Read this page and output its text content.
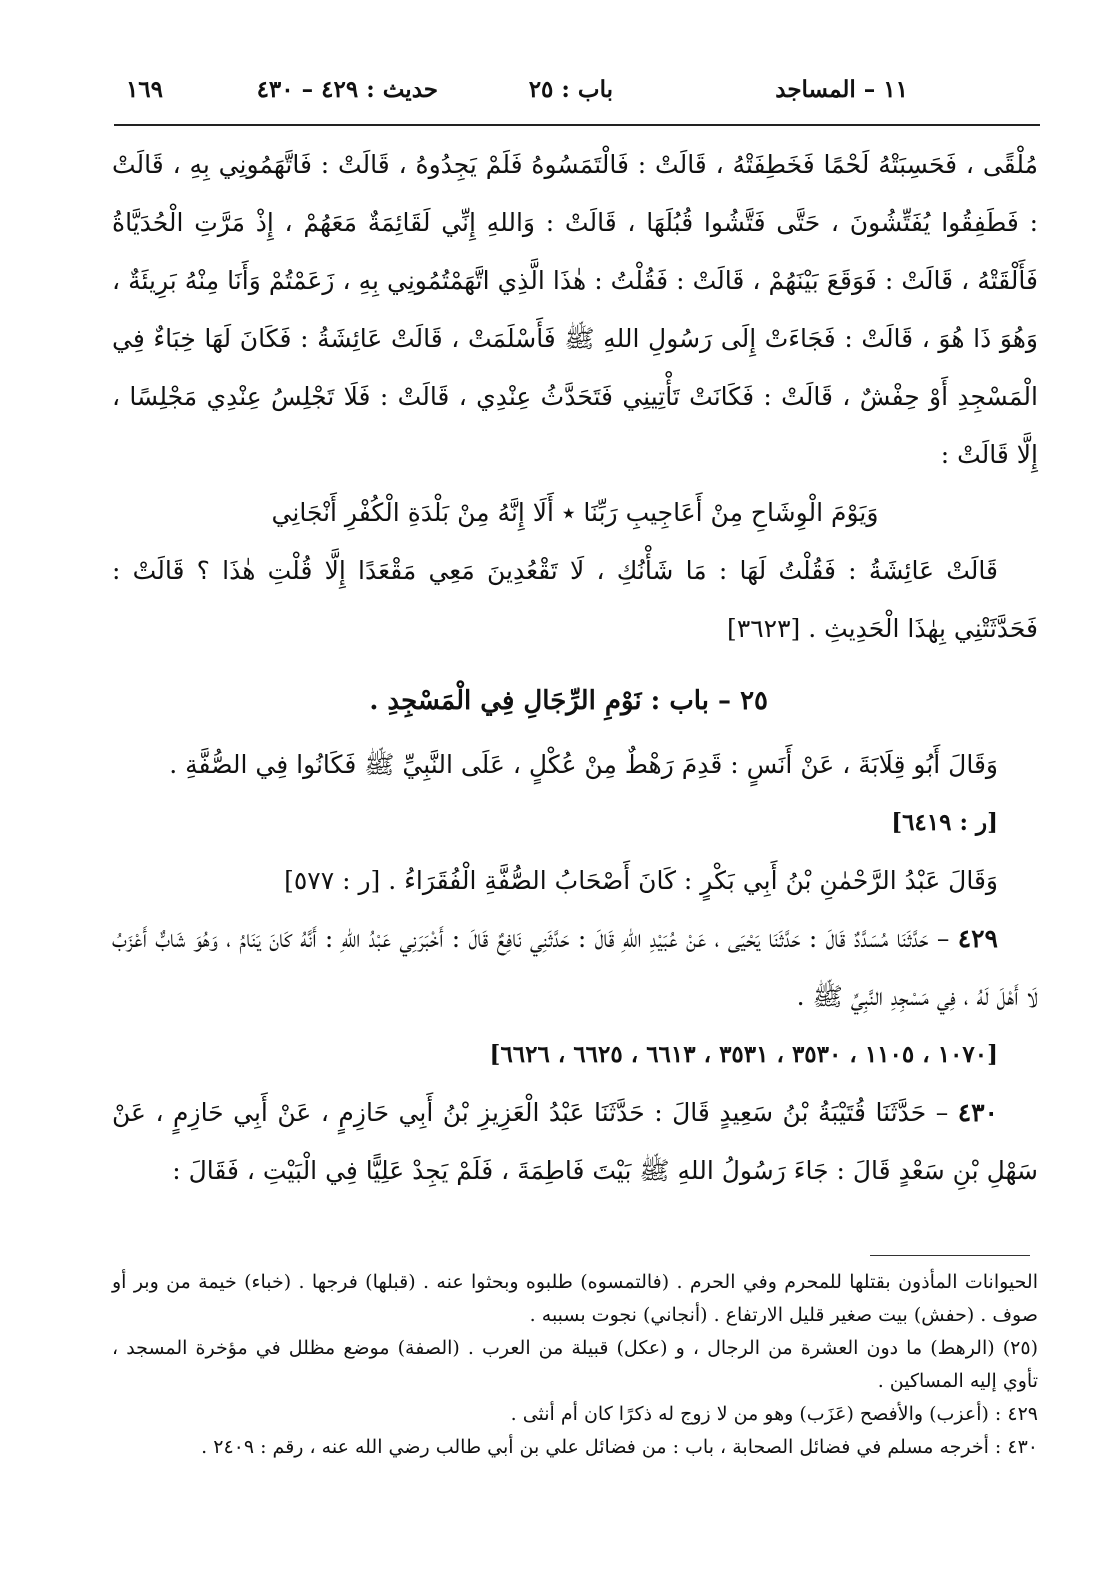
١١ – المساجد
باب : ٢٥
حديث : ٤٢٩ – ٤٣٠
١٦٩

مُلْقًى ، فَحَسِبَتْهُ لَحْمًا فَخَطِفَتْهُ ، قَالَتْ : فَالْتَمَسُوهُ فَلَمْ يَجِدُوهُ ، قَالَتْ : فَاتَّهَمُونِي بِهِ ، قَالَتْ : فَطَفِقُوا يُفَتِّشُونَ ، حَتَّى فَتَّشُوا قُبُلَهَا ، قَالَتْ : وَاللهِ إِنِّي لَقَائِمَةٌ مَعَهُمْ ، إِذْ مَرَّتِ الْحُدَيَّاةُ فَأَلْقَتْهُ ، قَالَتْ : فَوَقَعَ بَيْنَهُمْ ، قَالَتْ : فَقُلْتُ : هٰذَا الَّذِي اتَّهَمْتُمُونِي بِهِ ، زَعَمْتُمْ وَأَنَا مِنْهُ بَرِيئَةٌ ، وَهُوَ ذَا هُوَ ، قَالَتْ : فَجَاءَتْ إِلَى رَسُولِ اللهِ ﷺ فَأَسْلَمَتْ ، قَالَتْ عَائِشَةُ : فَكَانَ لَهَا خِبَاءٌ فِي الْمَسْجِدِ أَوْ حِفْشٌ ، قَالَتْ : فَكَانَتْ تَأْتِينِي فَتَحَدَّثُ عِنْدِي ، قَالَتْ : فَلَا تَجْلِسُ عِنْدِي مَجْلِسًا ، إِلَّا قَالَتْ :

وَيَوْمَ الْوِشَاحِ مِنْ أَعَاجِيبِ رَبِّنَا ٭ أَلَا إِنَّهُ مِنْ بَلْدَةِ الْكُفْرِ أَنْجَانِي

قَالَتْ عَائِشَةُ : فَقُلْتُ لَهَا : مَا شَأْنُكِ ، لَا تَقْعُدِينَ مَعِي مَقْعَدًا إِلَّا قُلْتِ هٰذَا ؟ قَالَتْ : فَحَدَّثَتْنِي بِهٰذَا الْحَدِيثِ . [٣٦٢٣]

٢٥ – باب : نَوْمِ الرِّجَالِ فِي الْمَسْجِدِ .

وَقَالَ أَبُو قِلَابَةَ ، عَنْ أَنَسٍ : قَدِمَ رَهْطٌ مِنْ عُكْلٍ ، عَلَى النَّبِيِّ ﷺ فَكَانُوا فِي الصُّفَّةِ .

[ر : ٦٤١٩]

وَقَالَ عَبْدُ الرَّحْمٰنِ بْنُ أَبِي بَكْرٍ : كَانَ أَصْحَابُ الصُّفَّةِ الْفُقَرَاءُ . [ر : ٥٧٧]

٤٢٩ – حَدَّثَنَا مُسَدَّدٌ قَالَ : حَدَّثَنَا يَحْيَى ، عَنْ عُبَيْدِ اللهِ قَالَ : حَدَّثَنِي نَافِعٌ قَالَ : أَخْبَرَنِي عَبْدُ اللهِ : أَنَّهُ كَانَ يَنَامُ ، وَهُوَ شَابٌّ أَعْزَبُ لَا أَهْلَ لَهُ ، فِي مَسْجِدِ النَّبِيِّ ﷺ .

[١٠٧٠ ، ١١٠٥ ، ٣٥٣٠ ، ٣٥٣١ ، ٦٦١٣ ، ٦٦٢٥ ، ٦٦٢٦]

٤٣٠ – حَدَّثَنَا قُتَيْبَةُ بْنُ سَعِيدٍ قَالَ : حَدَّثَنَا عَبْدُ الْعَزِيزِ بْنُ أَبِي حَازِمٍ ، عَنْ أَبِي حَازِمٍ ، عَنْ سَهْلِ بْنِ سَعْدٍ قَالَ : جَاءَ رَسُولُ اللهِ ﷺ بَيْتَ فَاطِمَةَ ، فَلَمْ يَجِدْ عَلِيًّا فِي الْبَيْتِ ، فَقَالَ :

الحيوانات المأذون بقتلها للمحرم وفي الحرم . (فالتمسوه) طلبوه وبحثوا عنه . (قبلها) فرجها . (خباء) خيمة من وبر أو صوف . (حفش) بيت صغير قليل الارتفاع . (أنجاني) نجوت بسببه .

(٢٥) (الرهط) ما دون العشرة من الرجال ، و (عكل) قبيلة من العرب . (الصفة) موضع مظلل في مؤخرة المسجد ، تأوي إليه المساكين .

٤٢٩ : (أعزب) والأفصح (عَزَب) وهو من لا زوج له ذكرًا كان أم أنثى .

٤٣٠ : أخرجه مسلم في فضائل الصحابة ، باب : من فضائل علي بن أبي طالب رضي الله عنه ، رقم : ٢٤٠٩ .
